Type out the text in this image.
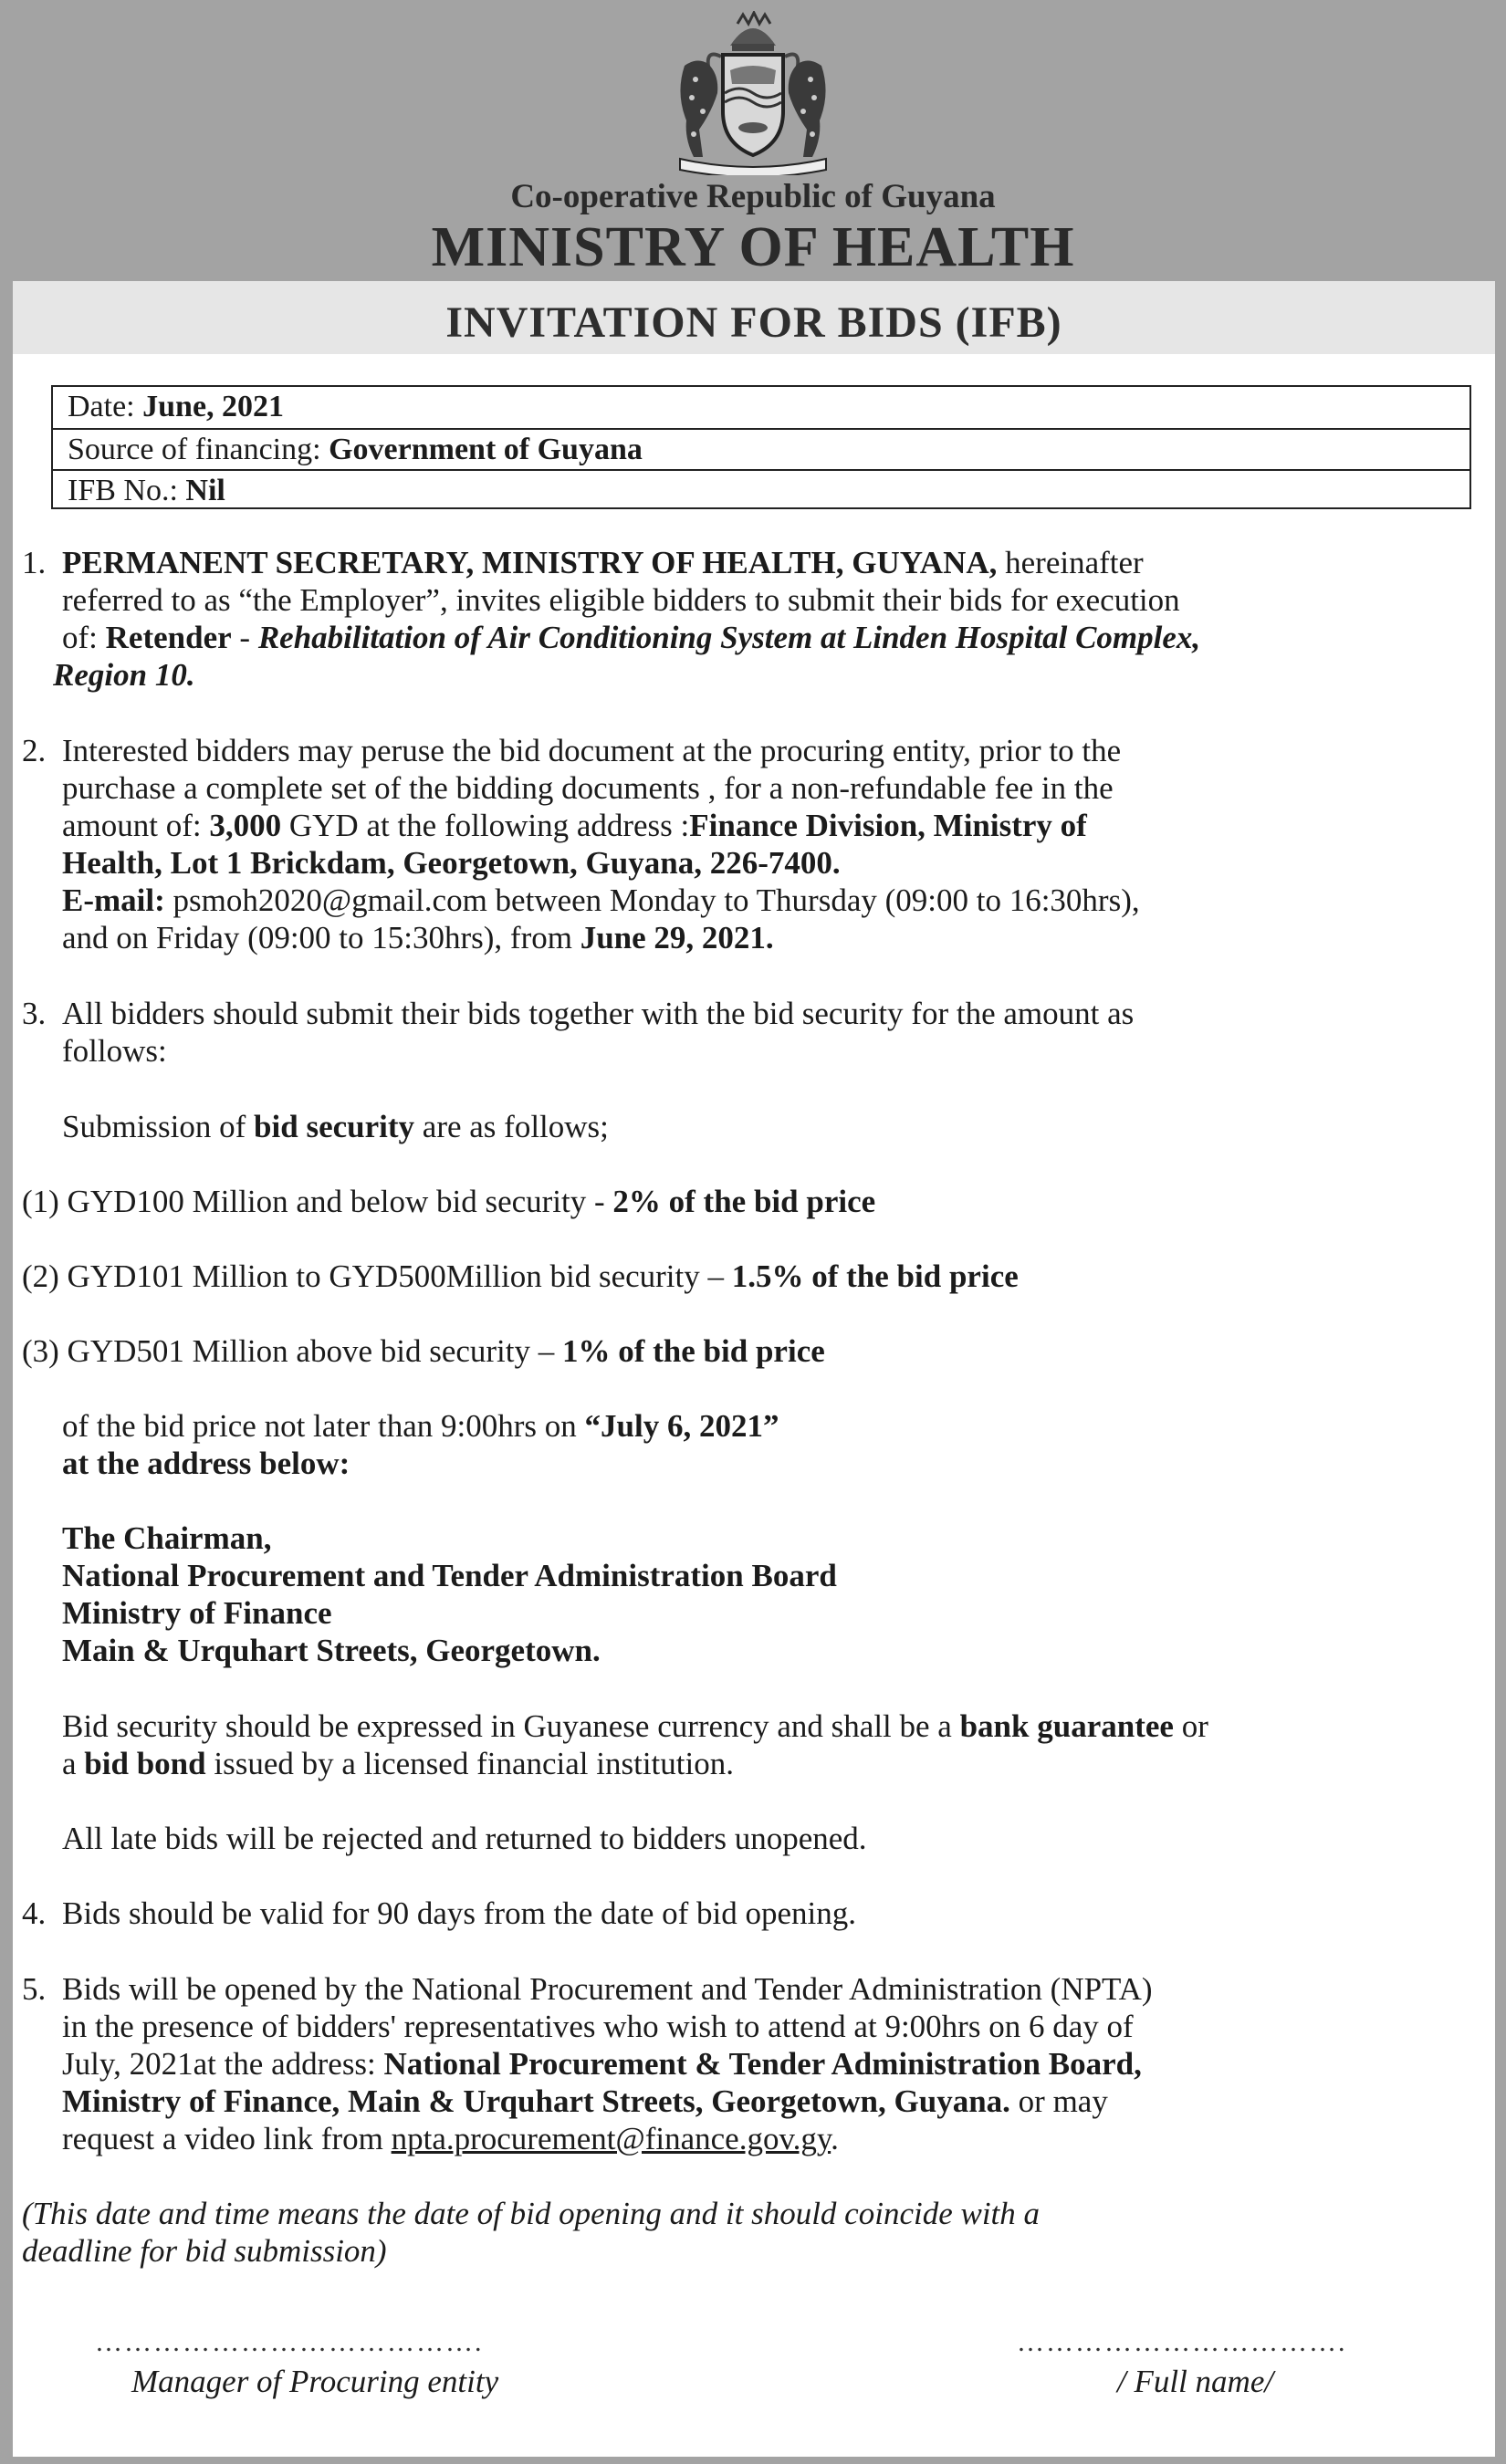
Co-operative Republic of Guyana
MINISTRY OF HEALTH
INVITATION FOR BIDS (IFB)
Date: June, 2021
Source of financing: Government of Guyana
IFB No.: Nil
1. PERMANENT SECRETARY, MINISTRY OF HEALTH, GUYANA, hereinafter
referred to as “the Employer”, invites eligible bidders to submit their bids for execution
of: Retender - Rehabilitation of Air Conditioning System at Linden Hospital Complex,
Region 10.
2. Interested bidders may peruse the bid document at the procuring entity, prior to the
purchase a complete set of the bidding documents , for a non-refundable fee in the
amount of: 3,000 GYD at the following address :Finance Division, Ministry of
Health, Lot 1 Brickdam, Georgetown, Guyana, 226-7400.
E-mail: psmoh2020@gmail.com between Monday to Thursday (09:00 to 16:30hrs),
and on Friday (09:00 to 15:30hrs), from June 29, 2021.
3. All bidders should submit their bids together with the bid security for the amount as
follows:
Submission of bid security are as follows;
(1) GYD100 Million and below bid security - 2% of the bid price
(2) GYD101 Million to GYD500Million bid security – 1.5% of the bid price
(3) GYD501 Million above bid security – 1% of the bid price
of the bid price not later than 9:00hrs on “July 6, 2021”
at the address below:
The Chairman,
National Procurement and Tender Administration Board
Ministry of Finance
Main & Urquhart Streets, Georgetown.
Bid security should be expressed in Guyanese currency and shall be a bank guarantee or
a bid bond issued by a licensed financial institution.
All late bids will be rejected and returned to bidders unopened.
4. Bids should be valid for 90 days from the date of bid opening.
5. Bids will be opened by the National Procurement and Tender Administration (NPTA)
in the presence of bidders' representatives who wish to attend at 9:00hrs on 6 day of
July, 2021at the address: National Procurement & Tender Administration Board,
Ministry of Finance, Main & Urquhart Streets, Georgetown, Guyana. or may
request a video link from npta.procurement@finance.gov.gy.
(This date and time means the date of bid opening and it should coincide with a
deadline for bid submission)
………………………………….	…………………………….
Manager of Procuring entity	/ Full name/
